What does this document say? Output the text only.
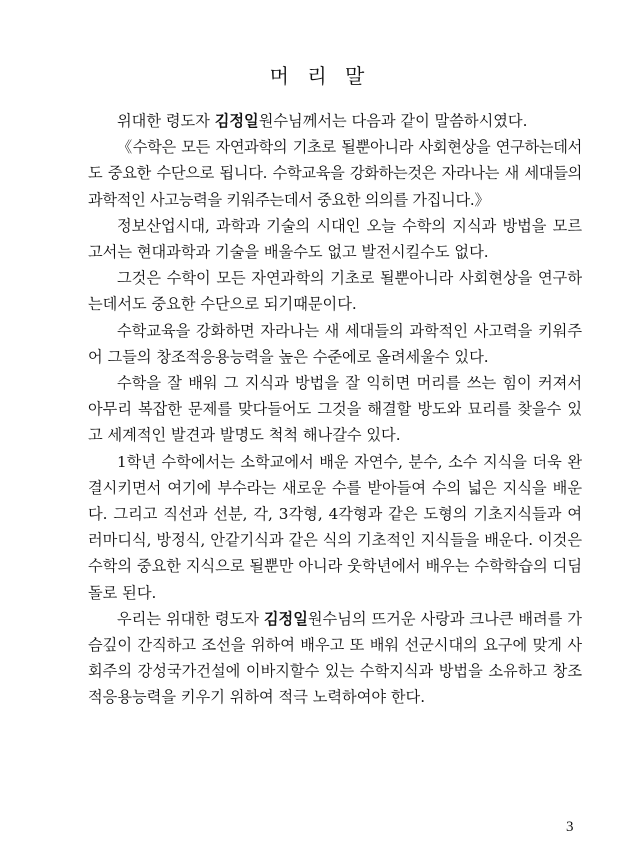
머 리 말

위대한 령도자 김정일원수님께서는 다음과 같이 말씀하시였다.

《수학은 모든 자연과학의 기초로 될뿐아니라 사회현상을 연구하는데서도 중요한 수단으로 됩니다. 수학교육을 강화하는것은 자라나는 새 세대들의 과학적인 사고능력을 키워주는데서 중요한 의의를 가집니다.》

정보산업시대, 과학과 기술의 시대인 오늘 수학의 지식과 방법을 모르고서는 현대과학과 기술을 배울수도 없고 발전시킬수도 없다.

그것은 수학이 모든 자연과학의 기초로 될뿐아니라 사회현상을 연구하는데서도 중요한 수단으로 되기때문이다.

수학교육을 강화하면 자라나는 새 세대들의 과학적인 사고력을 키워주어 그들의 창조적응용능력을 높은 수준에로 올려세울수 있다.

수학을 잘 배워 그 지식과 방법을 잘 익히면 머리를 쓰는 힘이 커져서 아무리 복잡한 문제를 맞다들어도 그것을 해결할 방도와 묘리를 찾을수 있고 세계적인 발견과 발명도 척척 해나갈수 있다.

1학년 수학에서는 소학교에서 배운 자연수, 분수, 소수 지식을 더욱 완결시키면서 여기에 부수라는 새로운 수를 받아들여 수의 넓은 지식을 배운다. 그리고 직선과 선분, 각, 3각형, 4각형과 같은 도형의 기초지식들과 여러마디식, 방정식, 안같기식과 같은 식의 기초적인 지식들을 배운다. 이것은 수학의 중요한 지식으로 될뿐만 아니라 웃학년에서 배우는 수학학습의 디딤돌로 된다.

우리는 위대한 령도자 김정일원수님의 뜨거운 사랑과 크나큰 배려를 가슴깊이 간직하고 조선을 위하여 배우고 또 배워 선군시대의 요구에 맞게 사회주의 강성국가건설에 이바지할수 있는 수학지식과 방법을 소유하고 창조적응용능력을 키우기 위하여 적극 노력하여야 한다.

3
